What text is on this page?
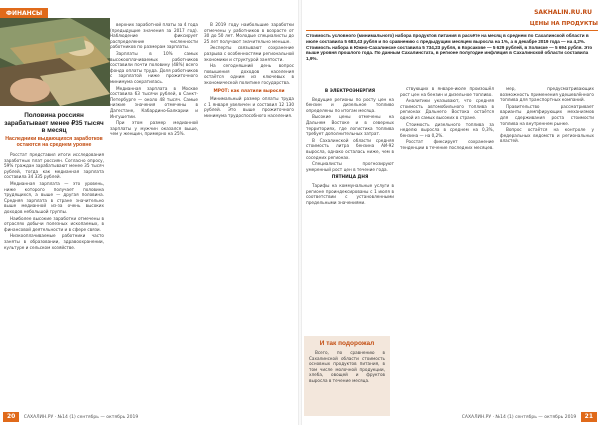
ФИНАНСЫ	SAKHALIN.RU.RU
Половина россиян зарабатывает менее ₽35 тысяч в месяц
Наследники выдающихся заработков остаются на среднем уровне

Росстат представил итоги исследования заработных плат россиян. Согласно опросу, 59% граждан зарабатывают менее 35 тысяч рублей, тогда как медианная зарплата составила 34 335 рублей.

Медианная зарплата — это уровень, ниже которого получает половина трудящихся, а выше — другая половина. Средняя зарплата в стране значительно выше медианной из-за очень высоких доходов небольшой группы.

Наиболее высокие заработки отмечены в отраслях добычи полезных ископаемых, в финансовой деятельности и в сфере связи.

Низкооплачиваемые работники часто заняты в образовании, здравоохранении, культуре и сельском хозяйстве.

верхних заработной платы за 4 года (предыдущие значения за 2017 год). Наблюдение фиксирует распределение численности работников по размерам зарплаты.

Зарплаты в 10% самых высокооплачиваемых работников составили почти половину (48%) всего фонда оплаты труда. Доля работников с зарплатой ниже прожиточного минимума сократилась.

Медианная зарплата в Москве составила 63 тысячи рублей, в Санкт-Петербурге — около 48 тысяч. Самые низкие значения отмечены в Дагестане, Кабардино-Балкарии и Ингушетии.

При этом размер медианной зарплаты у мужчин оказался выше, чем у женщин, примерно на 25%.

В 2019 году наибольшие заработки отмечены у работников в возрасте от 30 до 50 лет. Молодые специалисты до 25 лет получают значительно меньше.

Эксперты связывают сохранение разрыва с особенностями региональной экономики и структурой занятости.

На сегодняшний день вопрос повышения доходов населения остаётся одним из ключевых в экономической политике государства.

МРОТ: как платили выросли

Минимальный размер оплаты труда с 1 января увеличен и составил 12 130 рублей. Это выше прожиточного минимума трудоспособного населения.

ЦЕНЫ НА ПРОДУКТЫ
Стоимость условного (минимального) набора продуктов питания в расчёте на месяц в среднем по Сахалинской области в июле составила 5 683,43 рубля и по сравнению с предыдущим месяцем выросла на 1%, а в декабре 2019 года — на 4,2%. Стоимость набора в Южно-Сахалинске составила 5 734,23 рубля, в Корсакове — 5 629 рублей, в Холмске — 5 694 рубля. Это выше уровня прошлого года. По данным Сахалинстата, в регионе полугодие инфляция в Сахалинской области составила 1,9%.
В ЭЛЕКТРОЭНЕРГИЯ

Ведущие регионы по росту цен на бензин и дизельное топливо определены по итогам месяца.

Высокие цены отмечены на Дальнем Востоке и в северных территориях, где логистика топлива требует дополнительных затрат.

В Сахалинской области средняя стоимость литра бензина АИ-92 выросла, однако осталась ниже, чем в соседних регионах.

Специалисты прогнозируют умеренный рост цен в течение года.

ПЯТНИЦА ДНЯ

Тарифы на коммунальные услуги в регионе проиндексированы с 1 июля в соответствии с установленными предельными значениями.

ствующих в январе-июле произошёл рост цен на бензин и дизельное топливо.

Аналитики указывают, что средняя стоимость автомобильного топлива в регионах Дальнего Востока остаётся одной из самых высоких в стране.

Стоимость дизельного топлива за неделю выросла в среднем на 0,3%, бензина — на 0,2%.

Росстат фиксирует сохранение тенденции в течение последних месяцев.

мер, предусматривающих возможность применения удешевлённого топлива для транспортных компаний.

Правительство рассматривает варианты демпфирующих механизмов для сдерживания роста стоимости топлива на внутреннем рынке.

Вопрос остаётся на контроле у федеральных ведомств и региональных властей.

И так подорожал

Всего, по сравнению в Сахалинской области стоимость основных продуктов питания, в том числе молочной продукции, хлеба, овощей и фруктов выросла в течение месяца.

20 САХАЛИН.РУ · №14 (1) сентябрь — октябрь 2019	САХАЛИН.РУ · №14 (1) сентябрь — октябрь 2019 21
